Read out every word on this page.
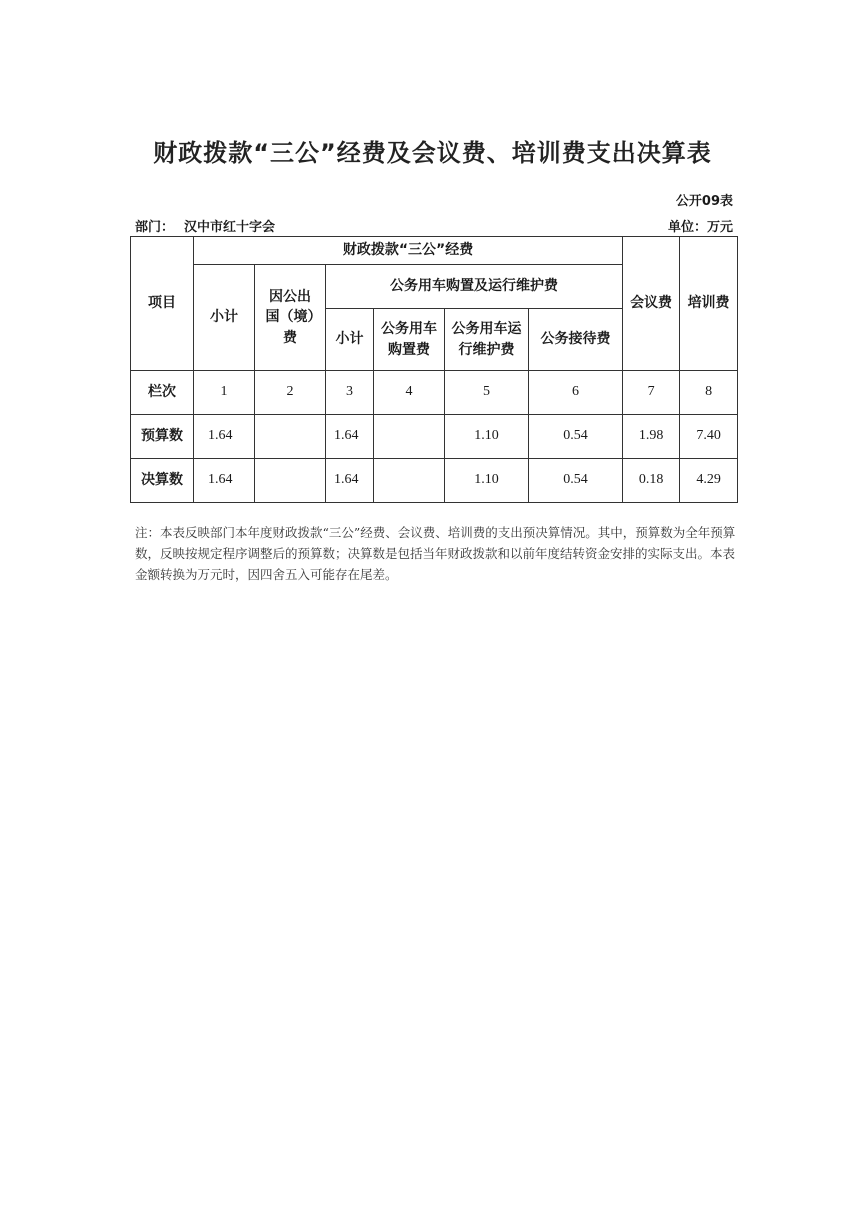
财政拨款“三公”经费及会议费、培训费支出决算表
公开09表
部门： 汉中市红十字会	单位：万元
项目	财政拨款“三公”经费						会议费	培训费
	小计	因公出国（境）费	公务用车购置及运行维护费					
			小计	公务用车购置费	公务用车运行维护费	公务接待费		
栏次	1	2	3	4	5	6	7	8
预算数	1.64		1.64		1.10	0.54	1.98	7.40
决算数	1.64		1.64		1.10	0.54	0.18	4.29
注：本表反映部门本年度财政拨款“三公”经费、会议费、培训费的支出预决算情况。其中，预算数为全年预算数，反映按规定程序调整后的预算数；决算数是包括当年财政拨款和以前年度结转资金安排的实际支出。本表金额转换为万元时，因四舍五入可能存在尾差。
